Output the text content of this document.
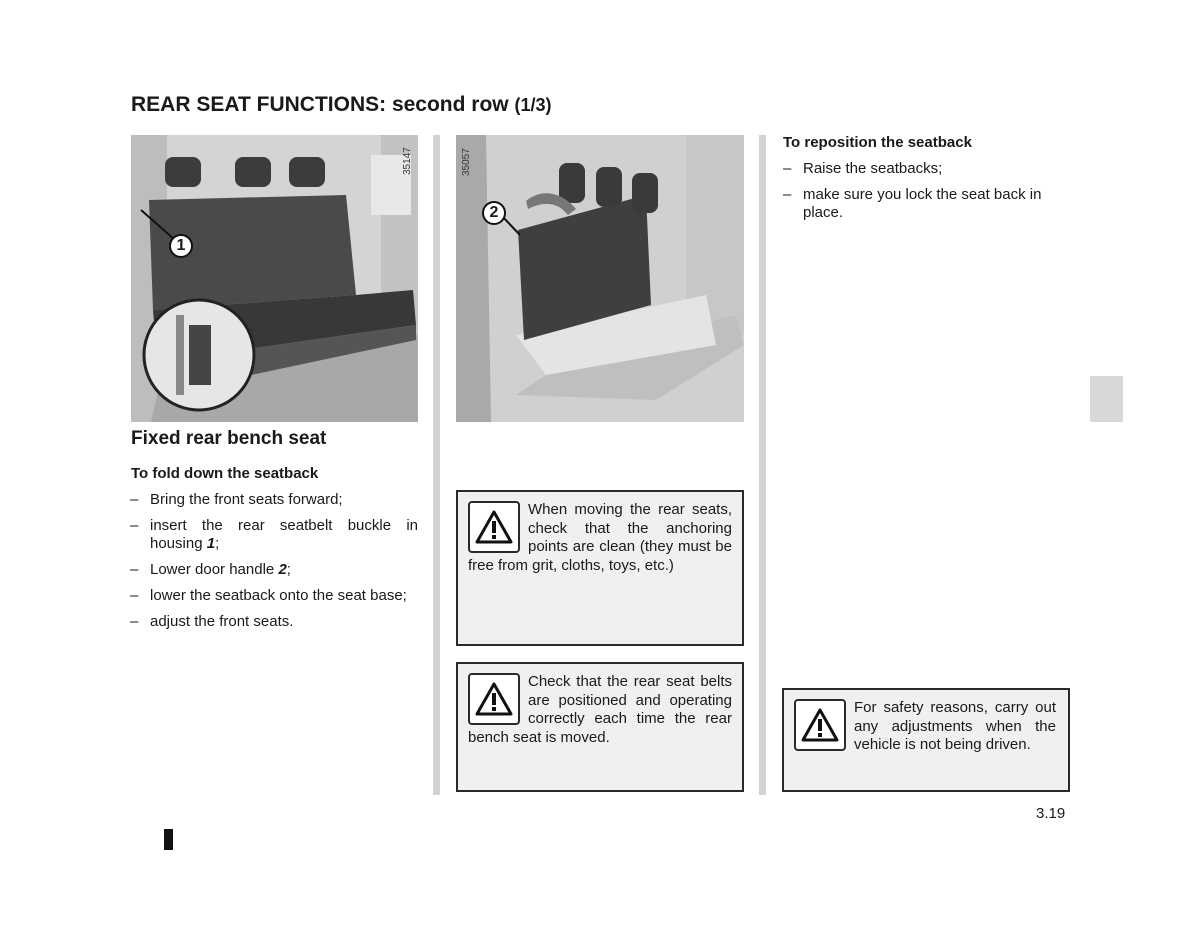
REAR SEAT FUNCTIONS: second row (1/3)
1
35147
2
35057
Fixed rear bench seat

To fold down the seatback

– Bring the front seats forward;
– insert the rear seatbelt buckle in housing 1;
– Lower door handle 2;
– lower the seatback onto the seat base;
– adjust the front seats.

To reposition the seatback

– Raise the seatbacks;
– make sure you lock the seat back in place.

When moving the rear seats, check that the anchoring points are clean (they must be free from grit, cloths, toys, etc.)

Check that the rear seat belts are positioned and operating correctly each time the rear bench seat is moved.

For safety reasons, carry out any adjustments when the vehicle is not being driven.

3.19
